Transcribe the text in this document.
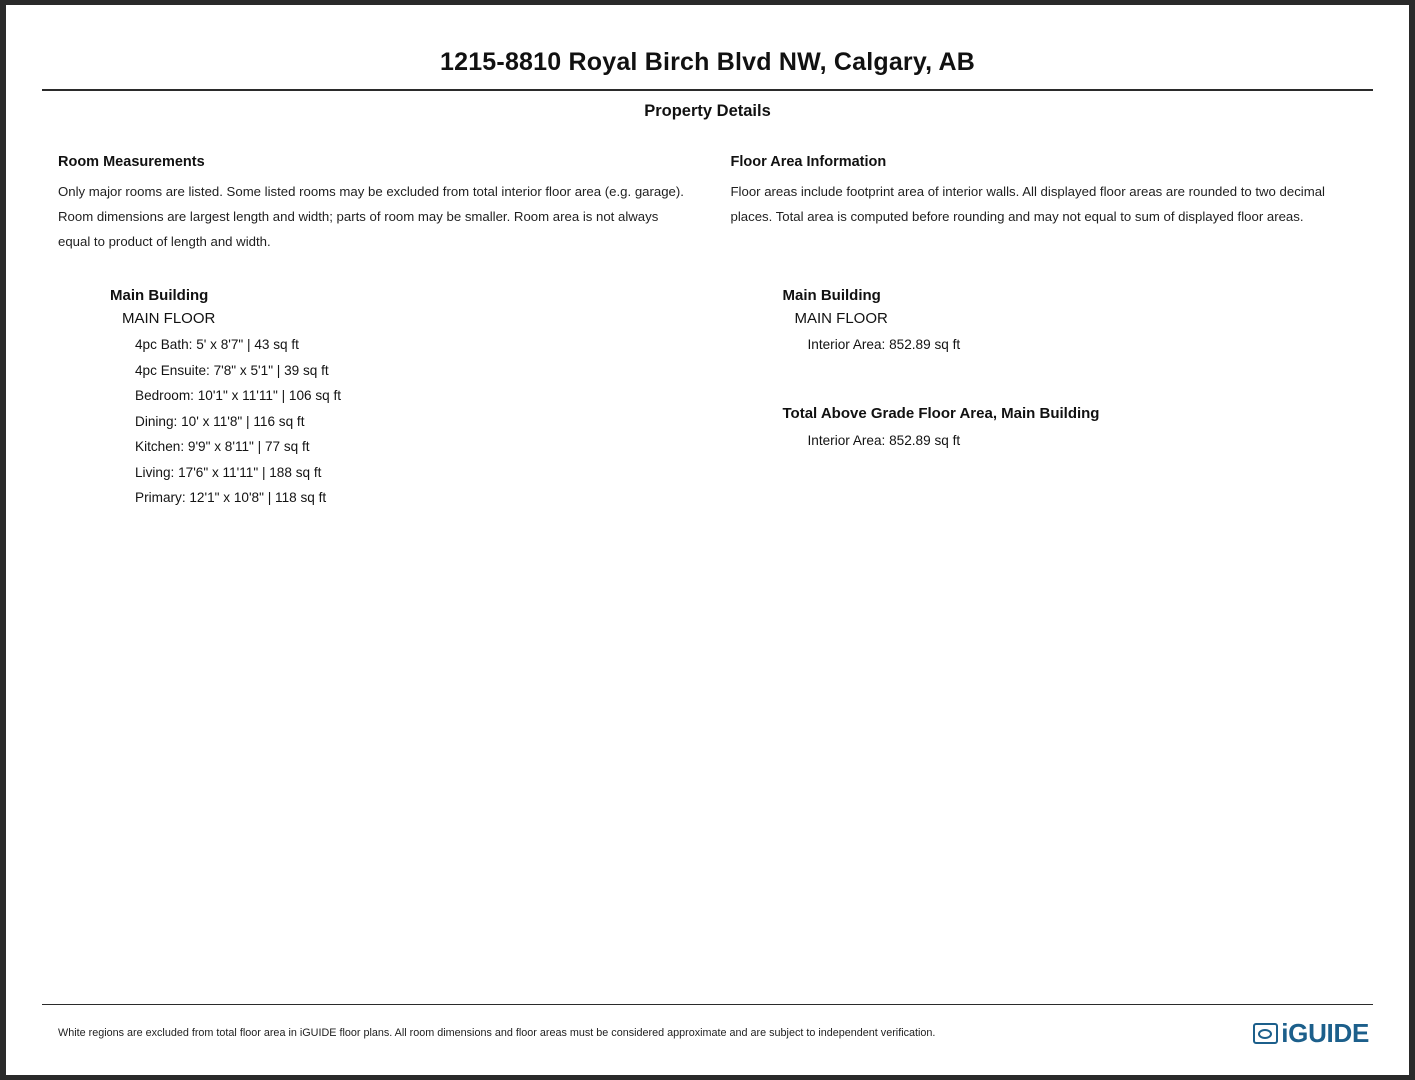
1215-8810 Royal Birch Blvd NW, Calgary, AB
Property Details
Room Measurements

Only major rooms are listed. Some listed rooms may be excluded from total interior floor area (e.g. garage). Room dimensions are largest length and width; parts of room may be smaller. Room area is not always equal to product of length and width.

Floor Area Information

Floor areas include footprint area of interior walls. All displayed floor areas are rounded to two decimal places. Total area is computed before rounding and may not equal to sum of displayed floor areas.

Main Building
MAIN FLOOR
4pc Bath: 5' x 8'7" | 43 sq ft
4pc Ensuite: 7'8" x 5'1" | 39 sq ft
Bedroom: 10'1" x 11'11" | 106 sq ft
Dining: 10' x 11'8" | 116 sq ft
Kitchen: 9'9" x 8'11" | 77 sq ft
Living: 17'6" x 11'11" | 188 sq ft
Primary: 12'1" x 10'8" | 118 sq ft
Main Building
MAIN FLOOR
Interior Area: 852.89 sq ft
Total Above Grade Floor Area, Main Building
Interior Area: 852.89 sq ft
White regions are excluded from total floor area in iGUIDE floor plans. All room dimensions and floor areas must be considered approximate and are subject to independent verification.	iGUIDE
